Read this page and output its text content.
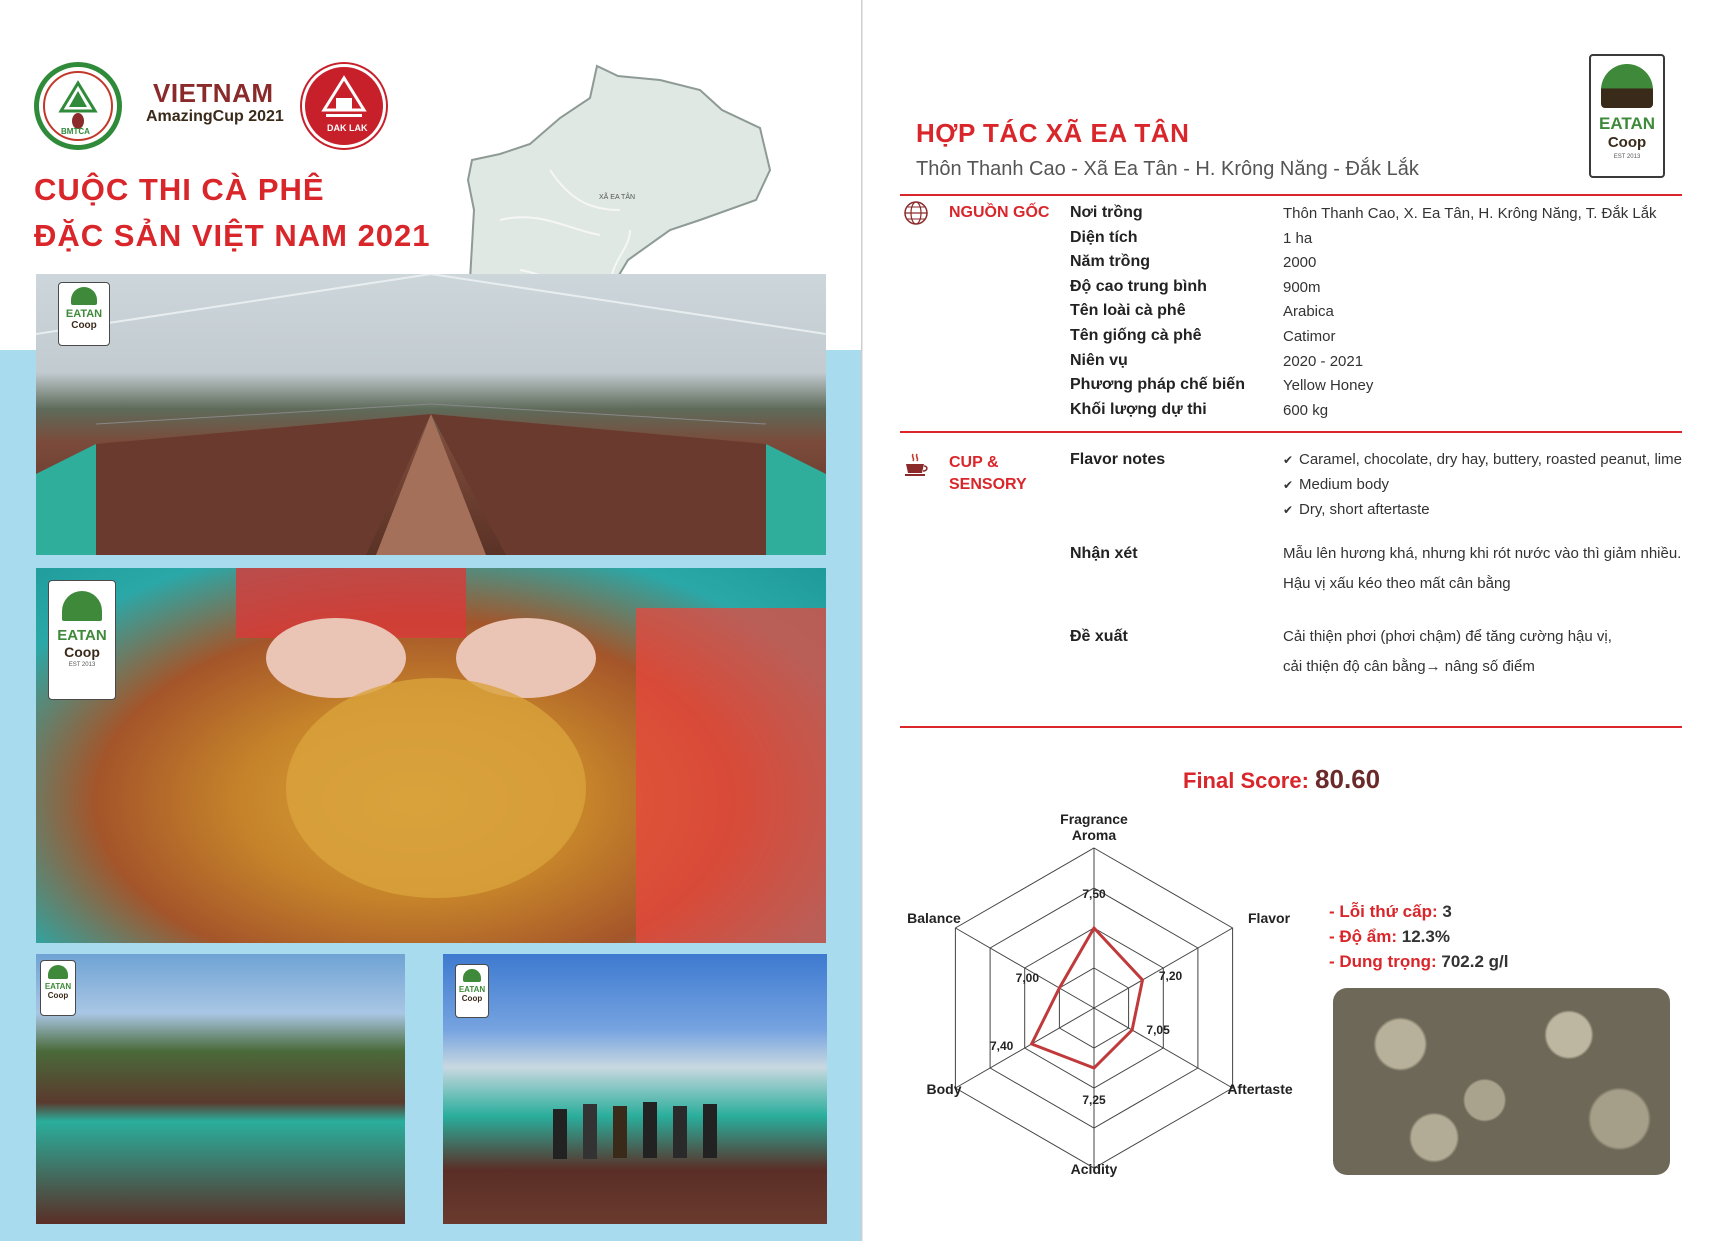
BMTCA
VIETNAM
AmazingCup 2021
DAK LAK
CUỘC THI CÀ PHÊ
ĐẶC SẢN VIỆT NAM 2021
XÃ EA TÂN
EATAN
Coop
EATAN
Coop
EST 2013
EATAN
Coop
EATAN
Coop
EATAN
Coop
EST 2013
HỢP TÁC XÃ EA TÂN
Thôn Thanh Cao - Xã Ea Tân - H. Krông Năng - Đắk Lắk
NGUỒN GỐC Nơi trồng	Thôn Thanh Cao, X. Ea Tân, H. Krông Năng, T. Đắk Lắk
Diện tích	1 ha
Năm trồng	2000
Độ cao trung bình	900m
Tên loài cà phê	Arabica
Tên giống cà phê	Catimor
Niên vụ	2020 - 2021
Phương pháp chế biến	Yellow Honey
Khối lượng dự thi	600 kg
CUP &
SENSORY
Flavor notes	✔ Caramel, chocolate, dry hay, buttery, roasted peanut, lime
✔ Medium body
✔ Dry, short aftertaste
Nhận xét	Mẫu lên hương khá, nhưng khi rót nước vào thì giảm nhiều.
Hậu vị xấu kéo theo mất cân bằng
Đề xuất	Cải thiện phơi (phơi chậm) để tăng cường hậu vị,
cải thiện độ cân bằng→ nâng số điểm
Final Score: 80.60
7,50
7,20
7,05
7,25
7,40
7,00
Fragrance
Aroma
Flavor
Aftertaste
Acidity
Body
Balance	- Lỗi thứ cấp: 3
- Độ ẩm: 12.3%
- Dung trọng: 702.2 g/l
